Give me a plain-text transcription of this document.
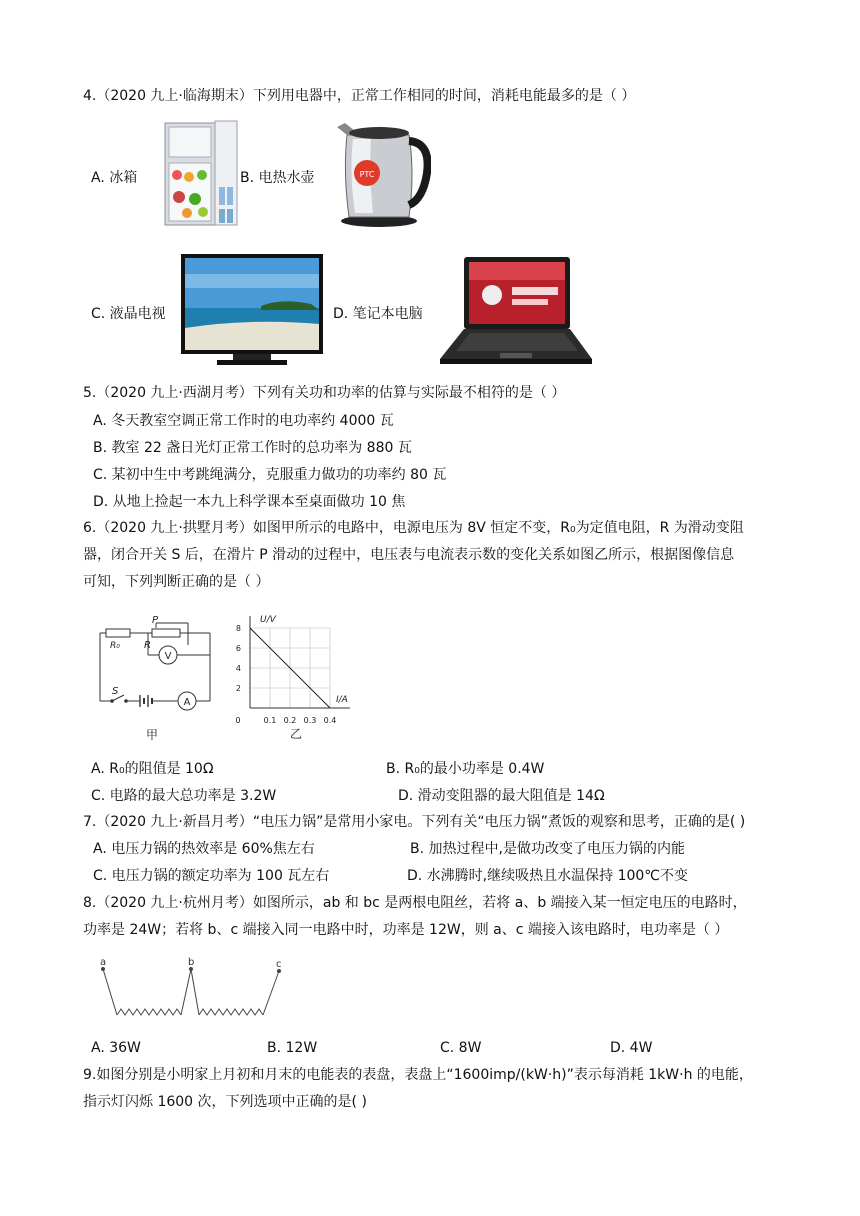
4.（2020 九上·临海期末）下列用电器中，正常工作相同的时间，消耗电能最多的是（ ）
A. 冰箱	PTC
B. 电热水壶
C. 液晶电视	D. 笔记本电脑
5.（2020 九上·西湖月考）下列有关功和功率的估算与实际最不相符的是（ ）
A. 冬天教室空调正常工作时的电功率约 4000 瓦
B. 教室 22 盏日光灯正常工作时的总功率为 880 瓦
C. 某初中生中考跳绳满分，克服重力做功的功率约 80 瓦
D. 从地上捡起一本九上科学课本至桌面做功 10 焦
6.（2020 九上·拱墅月考）如图甲所示的电路中，电源电压为 8V 恒定不变，R₀为定值电阻，R 为滑动变阻
器，闭合开关 S 后，在滑片 P 滑动的过程中，电压表与电流表示数的变化关系如图乙所示，根据图像信息
可知，下列判断正确的是（ ）
P
R₀ R
V
S
A
甲
0	0.1 0.2 0.3 0.4
2
4
6
8
U/V
I/A
乙
A. R₀的阻值是 10Ω	B. R₀的最小功率是 0.4W
C. 电路的最大总功率是 3.2W	D. 滑动变阻器的最大阻值是 14Ω
7.（2020 九上·新昌月考）“电压力锅”是常用小家电。下列有关“电压力锅”煮饭的观察和思考，正确的是( )
A. 电压力锅的热效率是 60%焦左右	B. 加热过程中,是做功改变了电压力锅的内能
C. 电压力锅的额定功率为 100 瓦左右	D. 水沸腾时,继续吸热且水温保持 100℃不变
8.（2020 九上·杭州月考）如图所示，ab 和 bc 是两根电阻丝，若将 a、b 端接入某一恒定电压的电路时，
功率是 24W；若将 b、c 端接入同一电路中时，功率是 12W，则 a、c 端接入该电路时，电功率是（ ）
a	b	c
A. 36W	B. 12W	C. 8W	D. 4W
9.如图分别是小明家上月初和月末的电能表的表盘，表盘上“1600imp/(kW·h)”表示每消耗 1kW·h 的电能，
指示灯闪烁 1600 次，下列选项中正确的是( )
